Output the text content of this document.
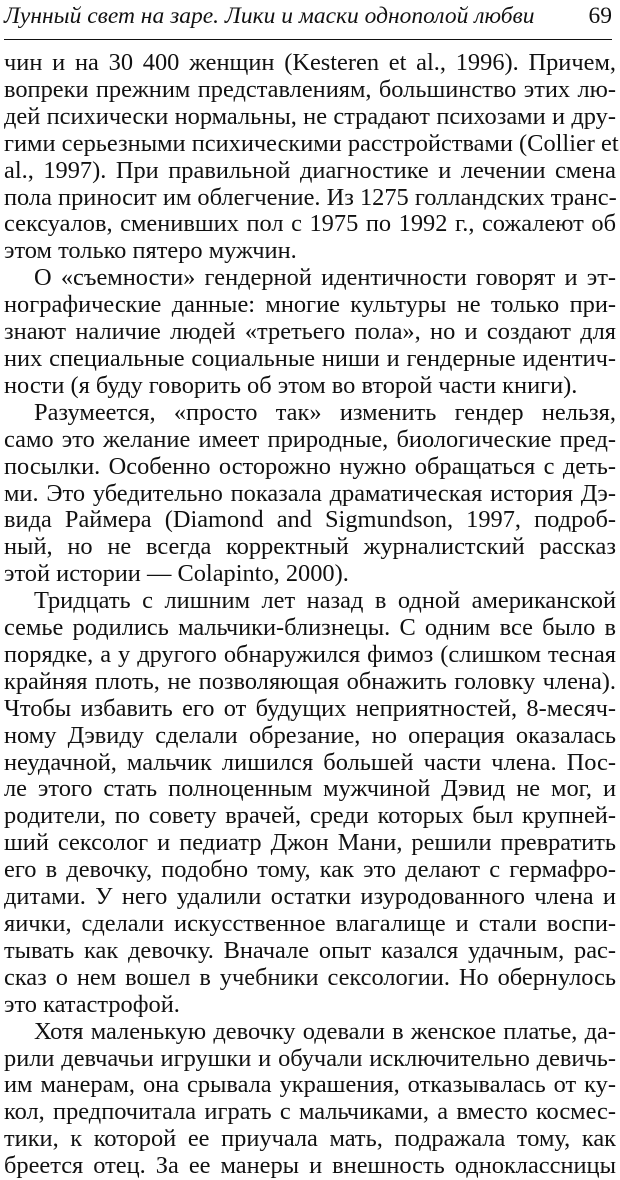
Лунный свет на заре. Лики и маски однополой любви 69
чин и на 30 400 женщин (Kesteren et al., 1996). Причем,
вопреки прежним представлениям, большинство этих лю-
дей психически нормальны, не страдают психозами и дру-
гими серьезными психическими расстройствами (Collier et
al., 1997). При правильной диагностике и лечении смена
пола приносит им облегчение. Из 1275 голландских транс-
сексуалов, сменивших пол с 1975 по 1992 г., сожалеют об
этом только пятеро мужчин.
О «съемности» гендерной идентичности говорят и эт-
нографические данные: многие культуры не только при-
знают наличие людей «третьего пола», но и создают для
них специальные социальные ниши и гендерные идентич-
ности (я буду говорить об этом во второй части книги).
Разумеется, «просто так» изменить гендер нельзя,
само это желание имеет природные, биологические пред-
посылки. Особенно осторожно нужно обращаться с деть-
ми. Это убедительно показала драматическая история Дэ-
вида Раймера (Diamond and Sigmundson, 1997, подроб-
ный, но не всегда корректный журналистский рассказ
этой истории — Colapinto, 2000).
Тридцать с лишним лет назад в одной американской
семье родились мальчики-близнецы. С одним все было в
порядке, а у другого обнаружился фимоз (слишком тесная
крайняя плоть, не позволяющая обнажить головку члена).
Чтобы избавить его от будущих неприятностей, 8-месяч-
ному Дэвиду сделали обрезание, но операция оказалась
неудачной, мальчик лишился большей части члена. Пос-
ле этого стать полноценным мужчиной Дэвид не мог, и
родители, по совету врачей, среди которых был крупней-
ший сексолог и педиатр Джон Мани, решили превратить
его в девочку, подобно тому, как это делают с гермафро-
дитами. У него удалили остатки изуродованного члена и
яички, сделали искусственное влагалище и стали воспи-
тывать как девочку. Вначале опыт казался удачным, рас-
сказ о нем вошел в учебники сексологии. Но обернулось
это катастрофой.
Хотя маленькую девочку одевали в женское платье, да-
рили девчачьи игрушки и обучали исключительно девичь-
им манерам, она срывала украшения, отказывалась от ку-
кол, предпочитала играть с мальчиками, а вместо космес-
тики, к которой ее приучала мать, подражала тому, как
бреется отец. За ее манеры и внешность одноклассницы
